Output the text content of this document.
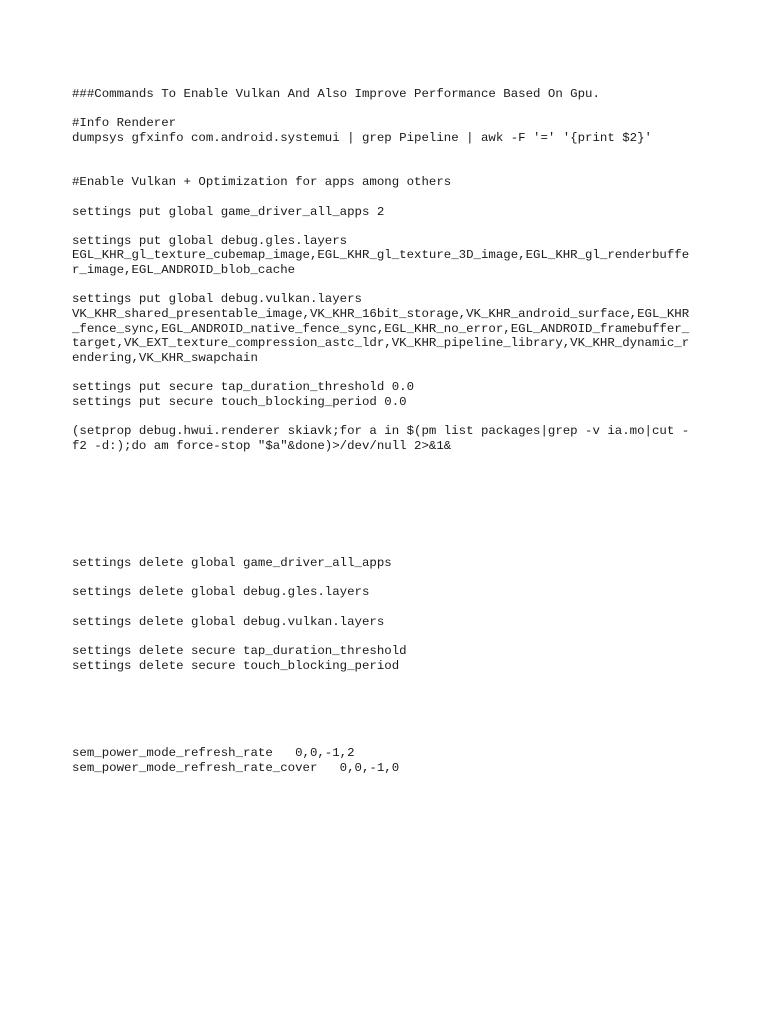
###Commands To Enable Vulkan And Also Improve Performance Based On Gpu.

#Info Renderer

dumpsys gfxinfo com.android.systemui | grep Pipeline | awk -F '=' '{print $2}'

#Enable Vulkan + Optimization for apps among others

settings put global game_driver_all_apps 2

settings put global debug.gles.layers

EGL_KHR_gl_texture_cubemap_image,EGL_KHR_gl_texture_3D_image,EGL_KHR_gl_renderbuffe

r_image,EGL_ANDROID_blob_cache

settings put global debug.vulkan.layers

VK_KHR_shared_presentable_image,VK_KHR_16bit_storage,VK_KHR_android_surface,EGL_KHR

_fence_sync,EGL_ANDROID_native_fence_sync,EGL_KHR_no_error,EGL_ANDROID_framebuffer_

target,VK_EXT_texture_compression_astc_ldr,VK_KHR_pipeline_library,VK_KHR_dynamic_r

endering,VK_KHR_swapchain

settings put secure tap_duration_threshold 0.0

settings put secure touch_blocking_period 0.0

(setprop debug.hwui.renderer skiavk;for a in $(pm list packages|grep -v ia.mo|cut -

f2 -d:);do am force-stop "$a"&done)>/dev/null 2>&1&

settings delete global game_driver_all_apps

settings delete global debug.gles.layers

settings delete global debug.vulkan.layers

settings delete secure tap_duration_threshold

settings delete secure touch_blocking_period

sem_power_mode_refresh_rate   0,0,-1,2

sem_power_mode_refresh_rate_cover   0,0,-1,0
